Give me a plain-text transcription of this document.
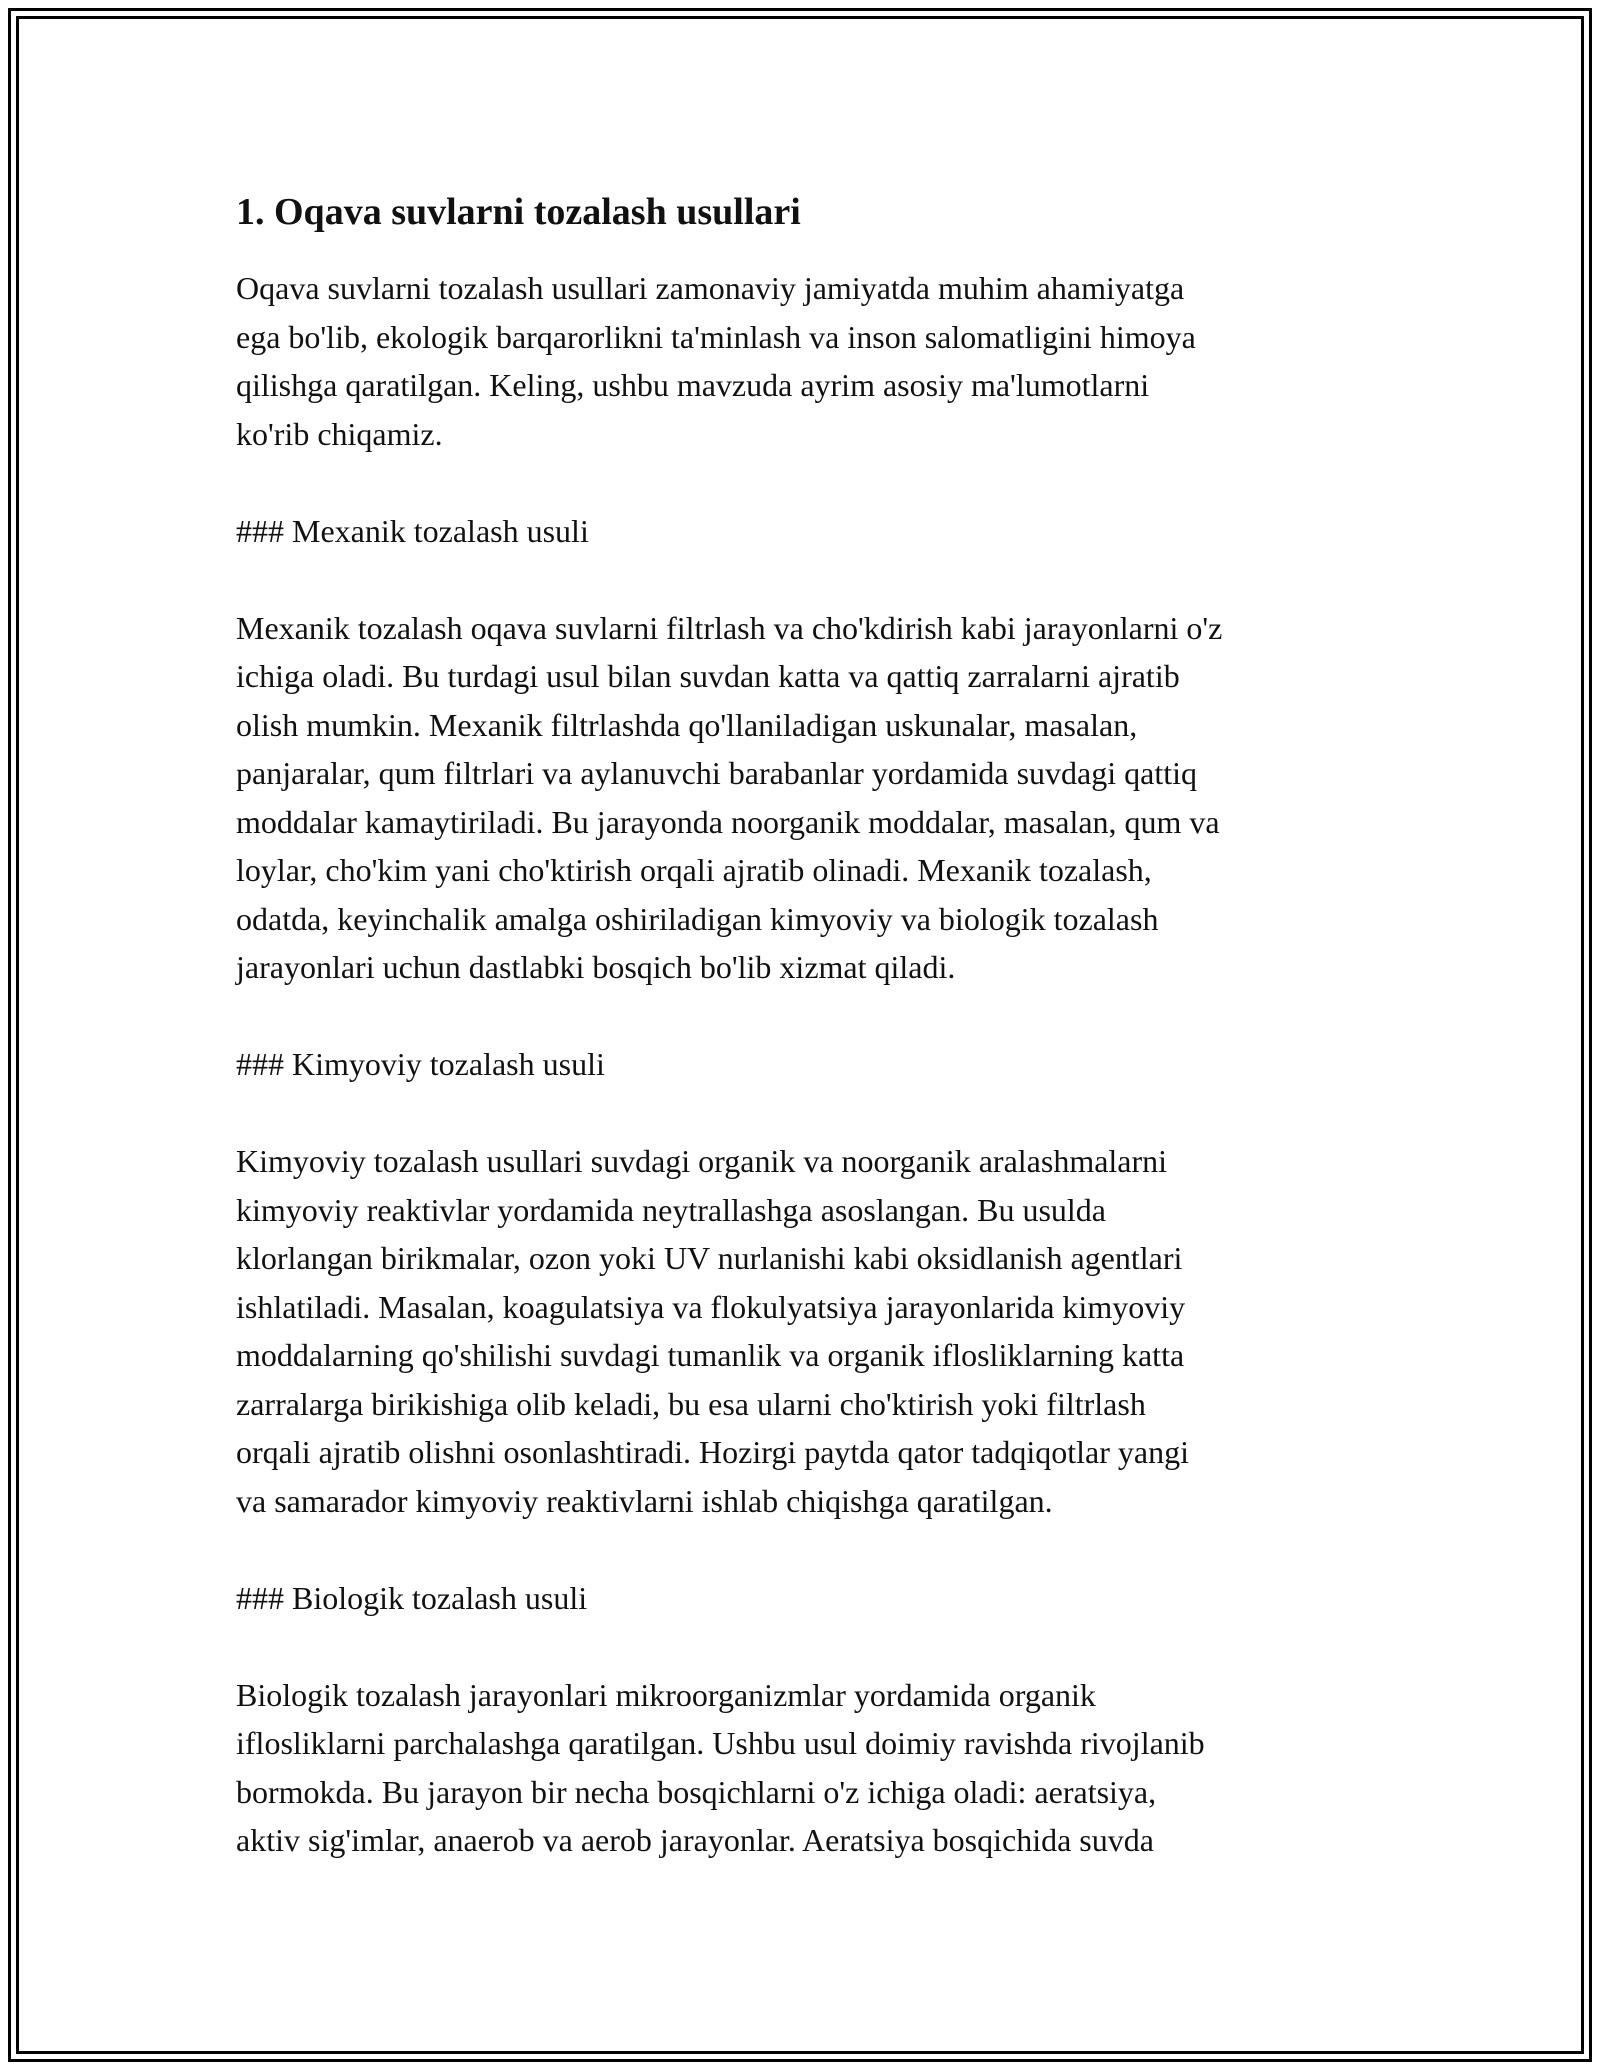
1. Oqava suvlarni tozalash usullari

Oqava suvlarni tozalash usullari zamonaviy jamiyatda muhim ahamiyatga
ega bo'lib, ekologik barqarorlikni ta'minlash va inson salomatligini himoya
qilishga qaratilgan. Keling, ushbu mavzuda ayrim asosiy ma'lumotlarni
ko'rib chiqamiz.

### Mexanik tozalash usuli

Mexanik tozalash oqava suvlarni filtrlash va cho'kdirish kabi jarayonlarni o'z
ichiga oladi. Bu turdagi usul bilan suvdan katta va qattiq zarralarni ajratib
olish mumkin. Mexanik filtrlashda qo'llaniladigan uskunalar, masalan,
panjaralar, qum filtrlari va aylanuvchi barabanlar yordamida suvdagi qattiq
moddalar kamaytiriladi. Bu jarayonda noorganik moddalar, masalan, qum va
loylar, cho'kim yani cho'ktirish orqali ajratib olinadi. Mexanik tozalash,
odatda, keyinchalik amalga oshiriladigan kimyoviy va biologik tozalash
jarayonlari uchun dastlabki bosqich bo'lib xizmat qiladi.

### Kimyoviy tozalash usuli

Kimyoviy tozalash usullari suvdagi organik va noorganik aralashmalarni
kimyoviy reaktivlar yordamida neytrallashga asoslangan. Bu usulda
klorlangan birikmalar, ozon yoki UV nurlanishi kabi oksidlanish agentlari
ishlatiladi. Masalan, koagulatsiya va flokulyatsiya jarayonlarida kimyoviy
moddalarning qo'shilishi suvdagi tumanlik va organik iflosliklаrning katta
zarralarga birikishiga olib keladi, bu esa ularni cho'ktirish yoki filtrlash
orqali ajratib olishni osonlashtiradi. Hozirgi paytda qator tadqiqotlar yangi
va samarador kimyoviy reaktivlarni ishlab chiqishga qaratilgan.

### Biologik tozalash usuli

Biologik tozalash jarayonlari mikroorganizmlar yordamida organik
iflosliklаrni parchalashga qaratilgan. Ushbu usul doimiy ravishda rivojlanib
bormokda. Bu jarayon bir necha bosqichlarni o'z ichiga oladi: aeratsiya,
aktiv sig'imlar, anaerob va aerob jarayonlar. Aeratsiya bosqichida suvda
